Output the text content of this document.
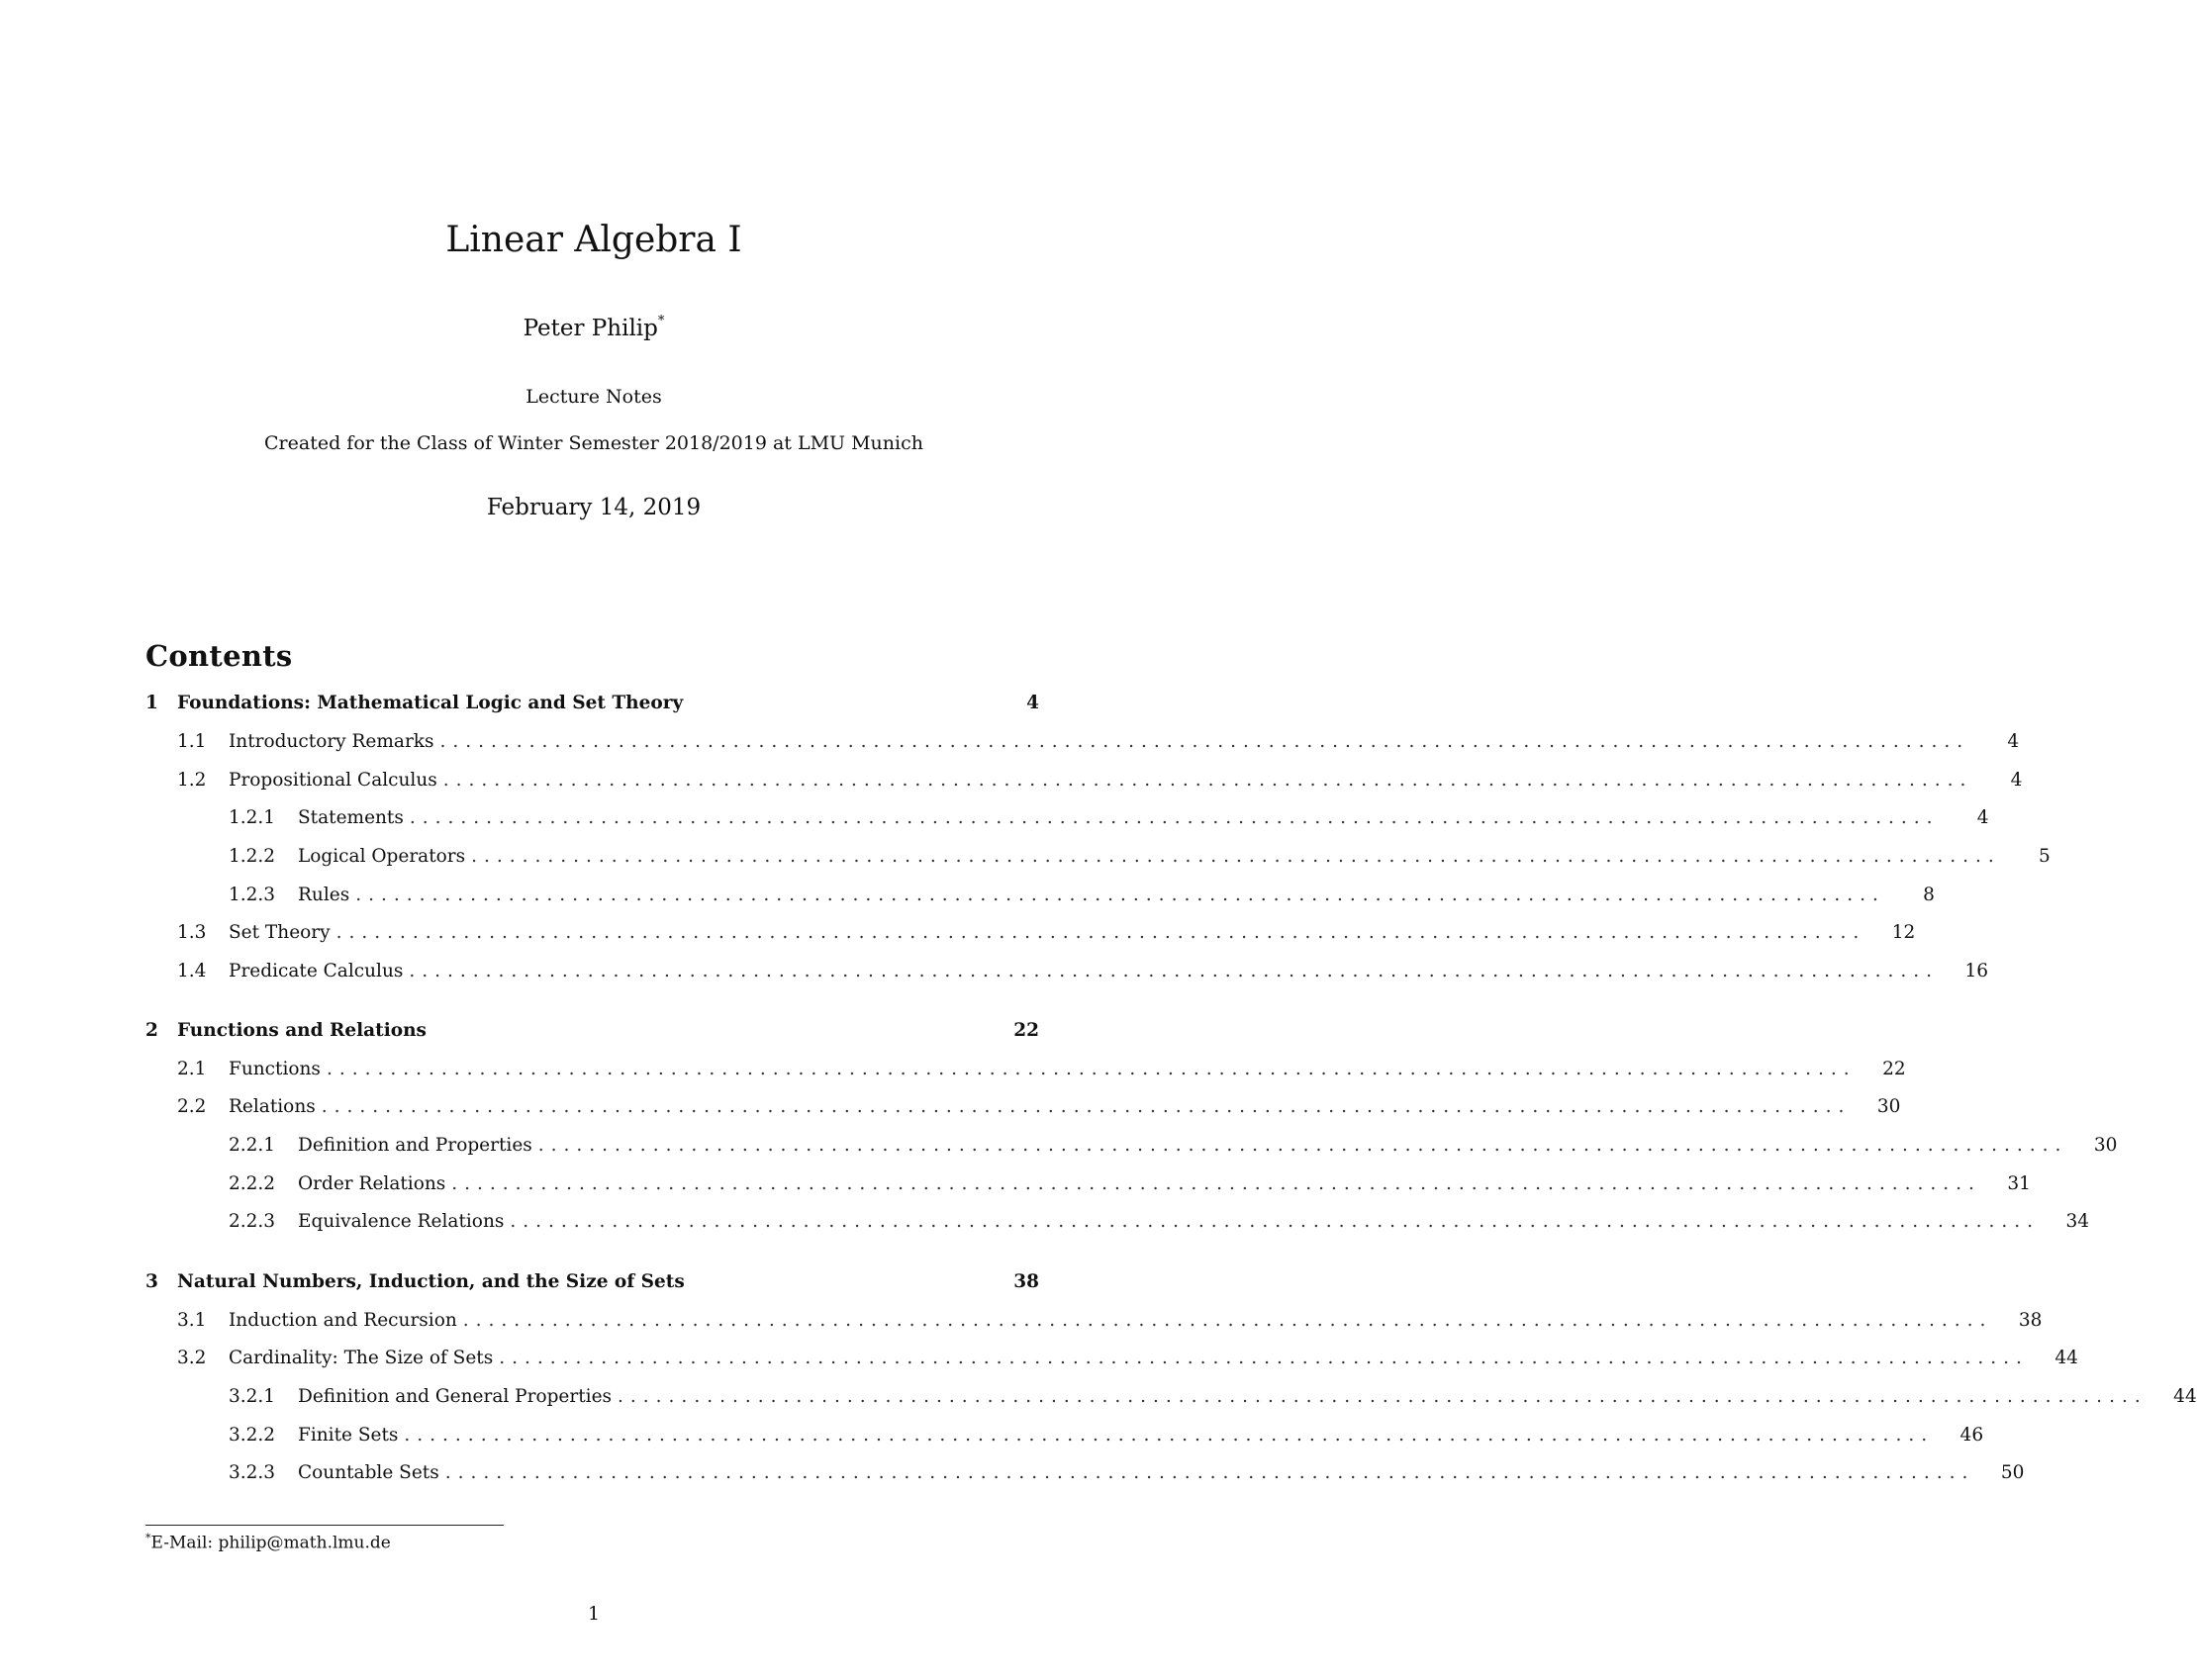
Linear Algebra I
Peter Philip*
Lecture Notes
Created for the Class of Winter Semester 2018/2019 at LMU Munich
February 14, 2019
Contents
1	Foundations: Mathematical Logic and Set Theory	4
1.1	Introductory Remarks ........................................................................................................................	4
1.2	Propositional Calculus ........................................................................................................................	4
1.2.1	Statements ........................................................................................................................	4
1.2.2	Logical Operators ........................................................................................................................	5
1.2.3	Rules ........................................................................................................................	8
1.3	Set Theory ........................................................................................................................	12
1.4	Predicate Calculus ........................................................................................................................	16
2	Functions and Relations	22
2.1	Functions ........................................................................................................................	22
2.2	Relations ........................................................................................................................	30
2.2.1	Definition and Properties ........................................................................................................................	30
2.2.2	Order Relations ........................................................................................................................	31
2.2.3	Equivalence Relations ........................................................................................................................	34
3	Natural Numbers, Induction, and the Size of Sets	38
3.1	Induction and Recursion ........................................................................................................................	38
3.2	Cardinality: The Size of Sets ........................................................................................................................	44
3.2.1	Definition and General Properties ........................................................................................................................	44
3.2.2	Finite Sets ........................................................................................................................	46
3.2.3	Countable Sets ........................................................................................................................	50
*E-Mail: philip@math.lmu.de
1
